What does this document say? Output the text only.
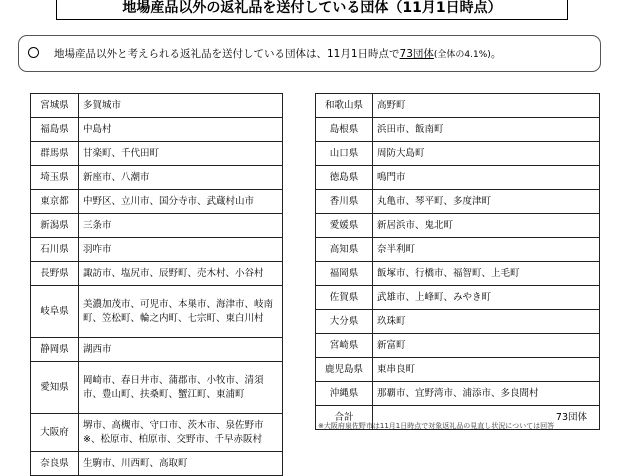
地場産品以外の返礼品を送付している団体（11月1日時点）
地場産品以外と考えられる返礼品を送付している団体は、11月1日時点で73団体(全体の4.1%)。
宮城県	多賀城市
福島県	中島村
群馬県	甘楽町、千代田町
埼玉県	新座市、八潮市
東京都	中野区、立川市、国分寺市、武蔵村山市
新潟県	三条市
石川県	羽咋市
長野県	諏訪市、塩尻市、辰野町、売木村、小谷村
岐阜県	美濃加茂市、可児市、本巣市、海津市、岐南町、笠松町、輪之内町、七宗町、東白川村
静岡県	湖西市
愛知県	岡崎市、春日井市、蒲郡市、小牧市、清須市、豊山町、扶桑町、蟹江町、東浦町
大阪府	堺市、高槻市、守口市、茨木市、泉佐野市※、松原市、柏原市、交野市、千早赤阪村
奈良県	生駒市、川西町、高取町
和歌山県	高野町
島根県	浜田市、飯南町
山口県	周防大島町
徳島県	鳴門市
香川県	丸亀市、琴平町、多度津町
愛媛県	新居浜市、鬼北町
高知県	奈半利町
福岡県	飯塚市、行橋市、福智町、上毛町
佐賀県	武雄市、上峰町、みやき町
大分県	玖珠町
宮崎県	新富町
鹿児島県	東串良町
沖縄県	那覇市、宜野湾市、浦添市、多良間村
合計	73団体
※大阪府泉佐野市は11月1日時点で対象返礼品の見直し状況については回答
